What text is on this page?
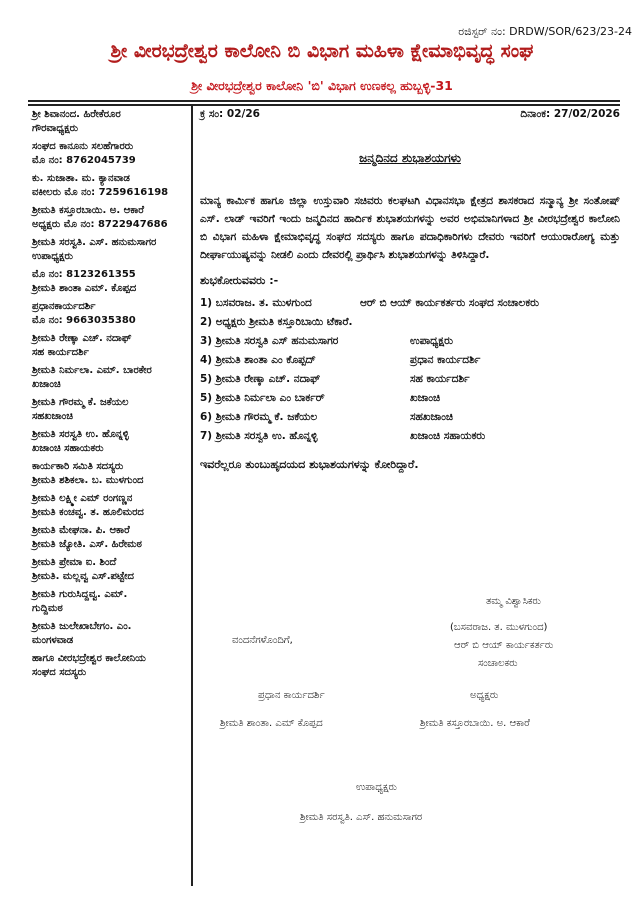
ರಜಿಸ್ಟರ್ ನಂ: DRDW/SOR/623/23-24
ಶ್ರೀ ವೀರಭದ್ರೇಶ್ವರ ಕಾಲೋನಿ ಬಿ ವಿಭಾಗ ಮಹಿಳಾ ಕ್ಷೇಮಾಭಿವೃದ್ಧ ಸಂಘ
ಶ್ರೀ ವೀರಭದ್ರೇಶ್ವರ ಕಾಲೋನಿ 'ಬಿ' ವಿಭಾಗ ಉಣಕಲ್ಲ ಹುಬ್ಬಳ್ಳಿ-31
ಶ್ರೀ ಶಿವಾನಂದ. ಹಿರೇಕೆರೂರ
ಗೌರವಾಧ್ಯಕ್ಷರು
ಸಂಘದ ಕಾನೂನು ಸಲಹೆಗಾರರು
ಮೊ ನಂ: 8762045739
ಕು. ಸುಜಾತಾ. ಮ. ಕ್ಯಾನವಾಡ
ವಕೀಲರು ಮೊ ನಂ: 7259616198
ಶ್ರೀಮತಿ ಕಸ್ತೂರಬಾಯಿ. ಅ. ಆಕಾರೆ
ಅಧ್ಯಕ್ಷರು ಮೊ ನಂ: 8722947686
ಶ್ರೀಮತಿ ಸರಸ್ವತಿ. ಎಸ್. ಹನುಮಸಾಗರ
ಉಪಾಧ್ಯಕ್ಷರು
ಮೊ ನಂ: 8123261355
ಶ್ರೀಮತಿ ಶಾಂತಾ ಎಮ್. ಕೊಪ್ಪದ
ಪ್ರಧಾನಕಾರ್ಯದರ್ಶಿ
ಮೊ ನಂ: 9663035380
ಶ್ರೀಮತಿ ರೇಣ್ಕಾ ಎಚ್. ನದಾಫ್
ಸಹ ಕಾರ್ಯದರ್ಶಿ
ಶ್ರೀಮತಿ ನಿರ್ಮಲಾ. ಎಮ್. ಬಾರಕೇರ
ಖಜಾಂಚಿ
ಶ್ರೀಮತಿ ಗೌರಮ್ಮ ಕೆ. ಜಕೆಯಲ
ಸಹಖಜಾಂಚಿ
ಶ್ರೀಮತಿ ಸರಸ್ವತಿ ಉ. ಹೊನ್ನಳ್ಳಿ
ಖಜಾಂಚಿ ಸಹಾಯಕರು
ಕಾರ್ಯಕಾರಿ ಸಮಿತಿ ಸದಸ್ಯರು
ಶ್ರೀಮತಿ ಶಶಿಕಲಾ. ಬ. ಮುಳಗುಂದ
ಶ್ರೀಮತಿ ಲಕ್ಷ್ಮೀ ಎಮ್ ರಂಗಣ್ಣನ
ಶ್ರೀಮತಿ ಕಂಚವ್ವ. ತ. ಹೂಲಿಮರದ
ಶ್ರೀಮತಿ ಮೇಘನಾ. ಪಿ. ಆಕಾರೆ
ಶ್ರೀಮತಿ ಜ್ಯೋತಿ. ಎಸ್. ಹಿರೇಮಠ
ಶ್ರೀಮತಿ ಪ್ರೇಮಾ ಐ. ಶಿಂದೆ
ಶ್ರೀಮತಿ. ಮಲ್ಲವ್ವ ಎಸ್.ಪಟ್ಟೇದ
ಶ್ರೀಮತಿ ಗುರುಸಿದ್ದವ್ವ. ಎಮ್.
ಗುದ್ದಿಮಠ
ಶ್ರೀಮತಿ ಜುಲೇಖಾಬೇಗಂ. ಎಂ.
ಮಂಗಳವಾಡ
ಹಾಗೂ ವೀರಭದ್ರೇಶ್ವರ ಕಾಲೋನಿಯ
ಸಂಘದ ಸದಸ್ಯರು
ಕ್ರ ಸಂ: 02/26	ದಿನಾಂಕ: 27/02/2026
ಜನ್ಮದಿನದ ಶುಭಾಶಯಗಳು
ಮಾನ್ಯ ಕಾರ್ಮಿಕ ಹಾಗೂ ಜಿಲ್ಲಾ ಉಸ್ತುವಾರಿ ಸಚಿವರು ಕಲಘಟಗಿ ವಿಧಾನಸಭಾ ಕ್ಷೇತ್ರದ ಶಾಸಕರಾದ ಸನ್ಮಾನ್ಯ ಶ್ರೀ ಸಂತೋಷ್ ಎಸ್. ಲಾಡ್ ಇವರಿಗೆ ಇಂದು ಜನ್ಮದಿನದ ಹಾರ್ದಿಕ ಶುಭಾಶಯಗಳನ್ನು ಅವರ ಅಭಿಮಾನಿಗಳಾದ ಶ್ರೀ ವೀರಭದ್ರೇಶ್ವರ ಕಾಲೋನಿ ಬಿ ವಿಭಾಗ ಮಹಿಳಾ ಕ್ಷೇಮಾಭಿವೃದ್ಧ ಸಂಘದ ಸದಸ್ಯರು ಹಾಗೂ ಪದಾಧಿಕಾರಿಗಳು ದೇವರು ಇವರಿಗೆ ಆಯುರಾರೋಗ್ಯ ಮತ್ತು ದೀರ್ಘಾಯುಷ್ಯವನ್ನು ನೀಡಲಿ ಎಂದು ದೇವರಲ್ಲಿ ಪ್ರಾರ್ಥಿಸಿ ಶುಭಾಶಯಗಳನ್ನು ತಿಳಿಸಿದ್ದಾರೆ.
ಶುಭಕೋರುವವರು :-
1) ಬಸವರಾಜ. ತ. ಮುಳಗುಂದ	ಆರ್ ಬಿ ಆಯ್ ಕಾರ್ಯಕರ್ತರು ಸಂಘದ ಸಂಚಾಲಕರು
2) ಅಧ್ಯಕ್ಷರು ಶ್ರೀಮತಿ ಕಸ್ತೂರಿಬಾಯಿ ಟೆಕಾರೆ.
3) ಶ್ರೀಮತಿ ಸರಸ್ವತಿ ಎಸ್ ಹನುಮಸಾಗರ	ಉಪಾಧ್ಯಕ್ಷರು
4) ಶ್ರೀಮತಿ ಶಾಂತಾ ಎಂ ಕೊಪ್ಪದ್	ಪ್ರಧಾನ ಕಾರ್ಯದರ್ಶಿ
5) ಶ್ರೀಮತಿ ರೇಣ್ಕಾ ಎಚ್. ನದಾಫ್	ಸಹ ಕಾರ್ಯದರ್ಶಿ
5) ಶ್ರೀಮತಿ ನಿರ್ಮಲಾ ಎಂ ಬಾರ್ಕರ್	ಖಜಾಂಚಿ
6) ಶ್ರೀಮತಿ ಗೌರಮ್ಮ ಕೆ. ಜಕೆಯಲ	ಸಹಖಜಾಂಚಿ
7) ಶ್ರೀಮತಿ ಸರಸ್ವತಿ ಉ. ಹೊನ್ನಳ್ಳಿ	ಖಜಾಂಚಿ ಸಹಾಯಕರು
ಇವರೆಲ್ಲರೂ ತುಂಬುಹೃದಯದ ಶುಭಾಶಯಗಳನ್ನು ಕೋರಿದ್ದಾರೆ.
ವಂದನೆಗಳೊಂದಿಗೆ,
ತಮ್ಮ ವಿಶ್ವಾಸಿಕರು
(ಬಸವರಾಜ. ತ. ಮುಳಗುಂದ)
ಆರ್ ಬಿ ಆಯ್ ಕಾರ್ಯಕರ್ತರು
ಸಂಚಾಲಕರು
ಪ್ರಧಾನ ಕಾರ್ಯದರ್ಶಿ
ಶ್ರೀಮತಿ ಶಾಂತಾ. ಎಮ್ ಕೊಪ್ಪದ
ಅಧ್ಯಕ್ಷರು
ಶ್ರೀಮತಿ ಕಸ್ತೂರಬಾಯಿ. ಅ. ಆಕಾರೆ
ಉಪಾಧ್ಯಕ್ಷರು
ಶ್ರೀಮತಿ ಸರಸ್ವತಿ. ಎಸ್. ಹನುಮಸಾಗರ
